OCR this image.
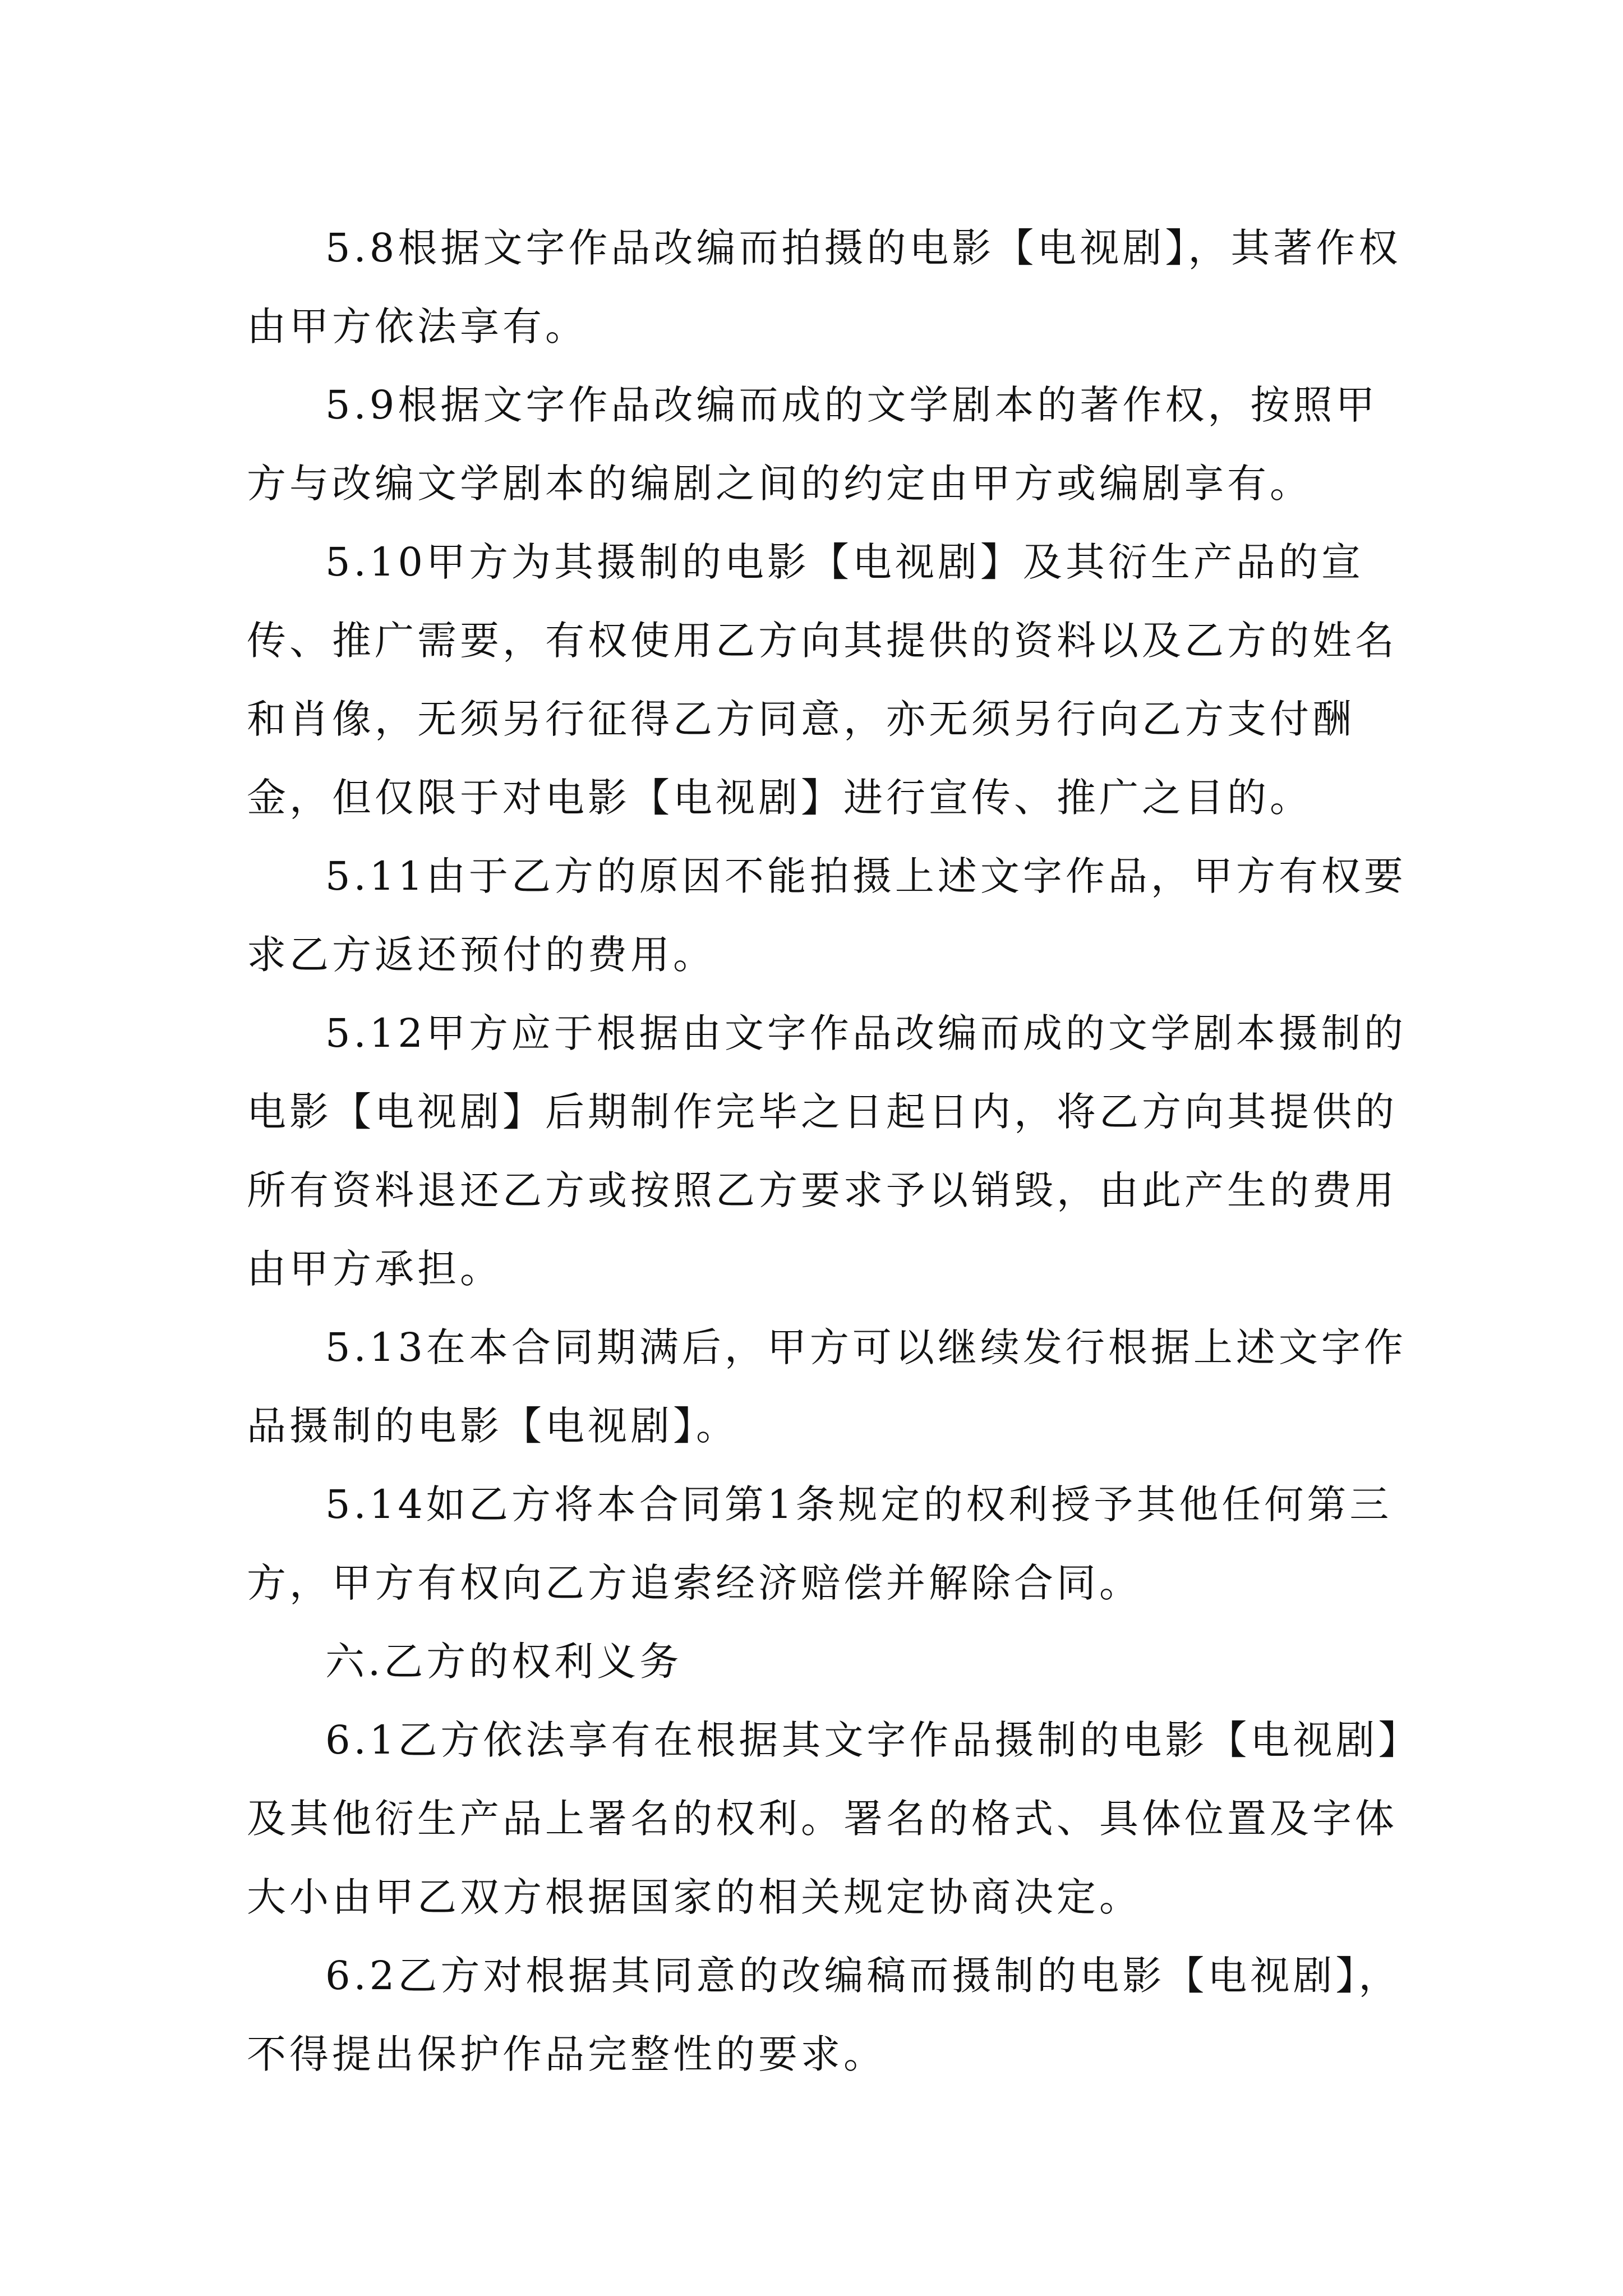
5.8根据文字作品改编而拍摄的电影【电视剧】，其著作权由甲方依法享有。

5.9根据文字作品改编而成的文学剧本的著作权，按照甲方与改编文学剧本的编剧之间的约定由甲方或编剧享有。

5.10甲方为其摄制的电影【电视剧】及其衍生产品的宣传、推广需要，有权使用乙方向其提供的资料以及乙方的姓名和肖像，无须另行征得乙方同意，亦无须另行向乙方支付酬金，但仅限于对电影【电视剧】进行宣传、推广之目的。

5.11由于乙方的原因不能拍摄上述文字作品，甲方有权要求乙方返还预付的费用。

5.12甲方应于根据由文字作品改编而成的文学剧本摄制的电影【电视剧】后期制作完毕之日起日内，将乙方向其提供的所有资料退还乙方或按照乙方要求予以销毁，由此产生的费用由甲方承担。

5.13在本合同期满后，甲方可以继续发行根据上述文字作品摄制的电影【电视剧】。

5.14如乙方将本合同第1条规定的权利授予其他任何第三方，甲方有权向乙方追索经济赔偿并解除合同。

六.乙方的权利义务

6.1乙方依法享有在根据其文字作品摄制的电影【电视剧】及其他衍生产品上署名的权利。署名的格式、具体位置及字体大小由甲乙双方根据国家的相关规定协商决定。

6.2乙方对根据其同意的改编稿而摄制的电影【电视剧】，不得提出保护作品完整性的要求。
